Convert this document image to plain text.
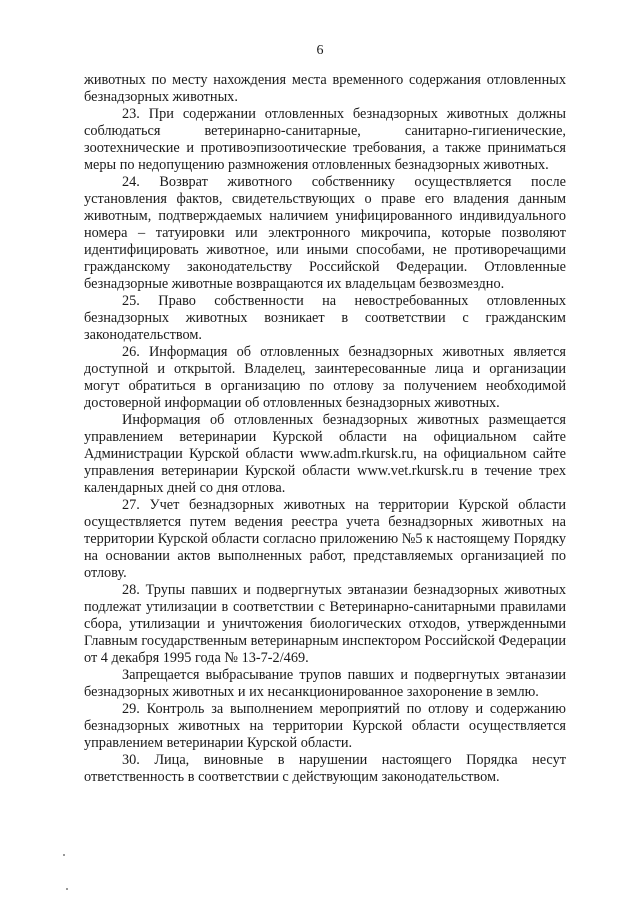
6

животных по месту нахождения места временного содержания отловленных безнадзорных животных.

23. При содержании отловленных безнадзорных животных должны соблюдаться ветеринарно-санитарные, санитарно-гигиенические, зоотехнические и противоэпизоотические требования, а также приниматься меры по недопущению размножения отловленных безнадзорных животных.

24. Возврат животного собственнику осуществляется после установления фактов, свидетельствующих о праве его владения данным животным, подтверждаемых наличием унифицированного индивидуального номера – татуировки или электронного микрочипа, которые позволяют идентифицировать животное, или иными способами, не противоречащими гражданскому законодательству Российской Федерации. Отловленные безнадзорные животные возвращаются их владельцам безвозмездно.

25. Право собственности на невостребованных отловленных безнадзорных животных возникает в соответствии с гражданским законодательством.

26. Информация об отловленных безнадзорных животных является доступной и открытой. Владелец, заинтересованные лица и организации могут обратиться в организацию по отлову за получением необходимой достоверной информации об отловленных безнадзорных животных.

Информация об отловленных безнадзорных животных размещается управлением ветеринарии Курской области на официальном сайте Администрации Курской области www.adm.rkursk.ru, на официальном сайте управления ветеринарии Курской области www.vet.rkursk.ru в течение трех календарных дней со дня отлова.

27. Учет безнадзорных животных на территории Курской области осуществляется путем ведения реестра учета безнадзорных животных на территории Курской области согласно приложению №5 к настоящему Порядку на основании актов выполненных работ, представляемых организацией по отлову.

28. Трупы павших и подвергнутых эвтаназии безнадзорных животных подлежат утилизации в соответствии с Ветеринарно-санитарными правилами сбора, утилизации и уничтожения биологических отходов, утвержденными Главным государственным ветеринарным инспектором Российской Федерации от 4 декабря 1995 года № 13-7-2/469.

Запрещается выбрасывание трупов павших и подвергнутых эвтаназии безнадзорных животных и их несанкционированное захоронение в землю.

29. Контроль за выполнением мероприятий по отлову и содержанию безнадзорных животных на территории Курской области осуществляется управлением ветеринарии Курской области.

30. Лица, виновные в нарушении настоящего Порядка несут ответственность в соответствии с действующим законодательством.
